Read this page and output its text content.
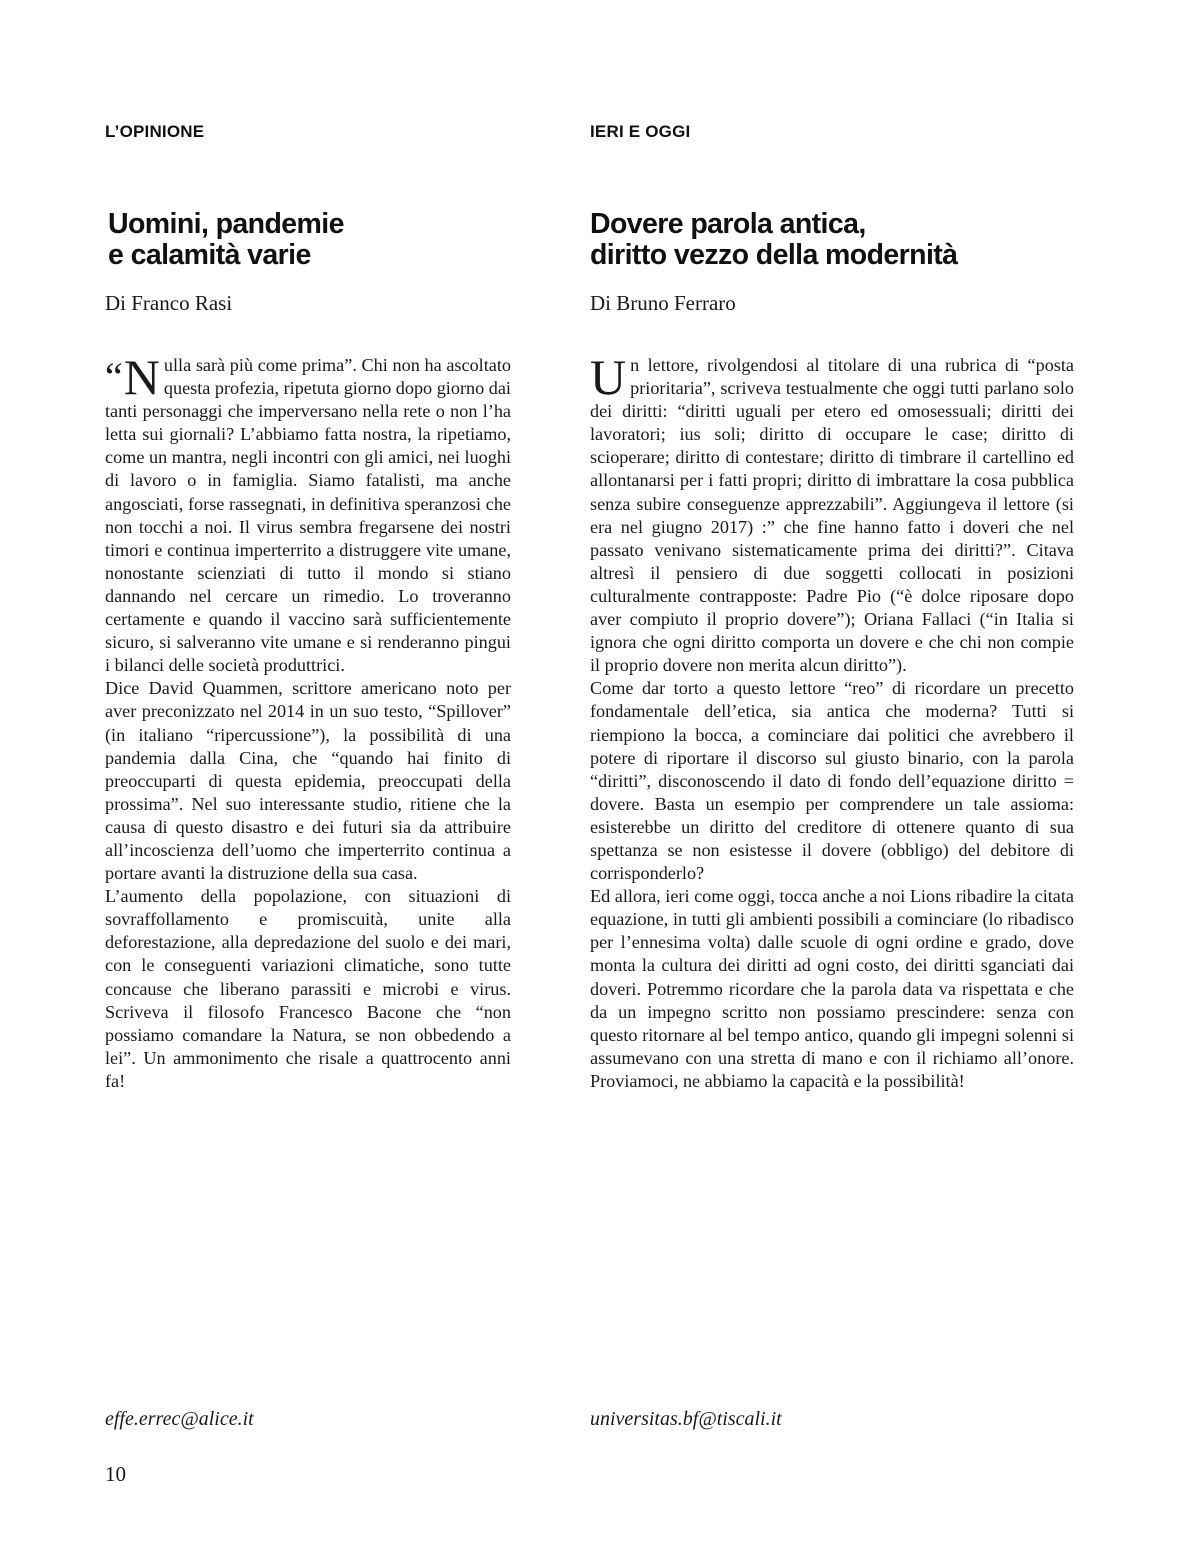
L’OPINIONE
Uomini, pandemie
e calamità varie
Di Franco Rasi

“N ulla sarà più come prima”. Chi non ha ascoltato questa profezia, ripetuta giorno dopo giorno dai tanti personaggi che imperversano nella rete o non l’ha letta sui giornali? L’abbiamo fatta nostra, la ripetiamo, come un mantra, negli incontri con gli amici, nei luoghi di lavoro o in famiglia. Siamo fatalisti, ma anche angosciati, forse rassegnati, in definitiva speranzosi che non tocchi a noi. Il virus sembra fregarsene dei nostri timori e continua imperterrito a distruggere vite umane, nonostante scienziati di tutto il mondo si stiano dannando nel cercare un rimedio. Lo troveranno certamente e quando il vaccino sarà sufficientemente sicuro, si salveranno vite umane e si renderanno pingui i bilanci delle società produttrici.

Dice David Quammen, scrittore americano noto per aver preconizzato nel 2014 in un suo testo, “Spillover” (in italiano “ripercussione”), la possibilità di una pandemia dalla Cina, che “quando hai finito di preoccuparti di questa epidemia, preoccupati della prossima”. Nel suo interessante studio, ritiene che la causa di questo disastro e dei futuri sia da attribuire all’incoscienza dell’uomo che imperterrito continua a portare avanti la distruzione della sua casa.

L’aumento della popolazione, con situazioni di sovraffollamento e promiscuità, unite alla deforestazione, alla depredazione del suolo e dei mari, con le conseguenti variazioni climatiche, sono tutte concause che liberano parassiti e microbi e virus. Scriveva il filosofo Francesco Bacone che “non possiamo comandare la Natura, se non obbedendo a lei”. Un ammonimento che risale a quattrocento anni fa!

effe.errec@alice.it
IERI E OGGI
Dovere parola antica,
diritto vezzo della modernità
Di Bruno Ferraro

Un lettore, rivolgendosi al titolare di una rubrica di “posta prioritaria”, scriveva testualmente che oggi tutti parlano solo dei diritti: “diritti uguali per etero ed omosessuali; diritti dei lavoratori; ius soli; diritto di occupare le case; diritto di scioperare; diritto di contestare; diritto di timbrare il cartellino ed allontanarsi per i fatti propri; diritto di imbrattare la cosa pubblica senza subire conseguenze apprezzabili”. Aggiungeva il lettore (si era nel giugno 2017) :” che fine hanno fatto i doveri che nel passato venivano sistematicamente prima dei diritti?”. Citava altresì il pensiero di due soggetti collocati in posizioni culturalmente contrapposte: Padre Pio (“è dolce riposare dopo aver compiuto il proprio dovere”); Oriana Fallaci (“in Italia si ignora che ogni diritto comporta un dovere e che chi non compie il proprio dovere non merita alcun diritto”).

Come dar torto a questo lettore “reo” di ricordare un precetto fondamentale dell’etica, sia antica che moderna? Tutti si riempiono la bocca, a cominciare dai politici che avrebbero il potere di riportare il discorso sul giusto binario, con la parola “diritti”, disconoscendo il dato di fondo dell’equazione diritto = dovere. Basta un esempio per comprendere un tale assioma: esisterebbe un diritto del creditore di ottenere quanto di sua spettanza se non esistesse il dovere (obbligo) del debitore di corrisponderlo?

Ed allora, ieri come oggi, tocca anche a noi Lions ribadire la citata equazione, in tutti gli ambienti possibili a cominciare (lo ribadisco per l’ennesima volta) dalle scuole di ogni ordine e grado, dove monta la cultura dei diritti ad ogni costo, dei diritti sganciati dai doveri. Potremmo ricordare che la parola data va rispettata e che da un impegno scritto non possiamo prescindere: senza con questo ritornare al bel tempo antico, quando gli impegni solenni si assumevano con una stretta di mano e con il richiamo all’onore. Proviamoci, ne abbiamo la capacità e la possibilità!

universitas.bf@tiscali.it
10
